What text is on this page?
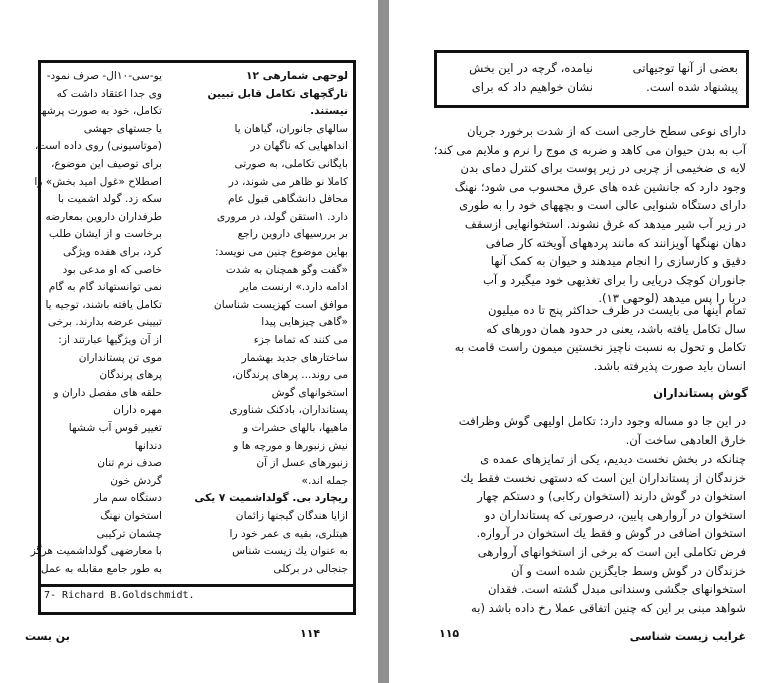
یو-سی-۱۰ال- صرف نمود-
وی جدا اعتقاد داشت که
تکامل، خود به صورت پرشها
یا جستهای جهشی
(موتاسیونی) روی داده است،
برای توصیف این موضوع،
اصطلاح «غول امید بخش» را
سکه زد. گولد اشمیت با
طرفداران داروین بمعارضه
برخاست و از ایشان طلب
کرد، برای هفده ویژگی
خاصی که او مدعی بود
نمی توانستهاند گام به گام
تکامل یافته باشند، توجیه یا
تبیینی عرضه بدارند. برخی
از آن ویژگیها عبارتند از:
موی تن پستانداران
پرهای پرندگان
حلقه های مفصل داران و
مهره داران
تغییر قوس آب ششها
دندانها
صدف نرم تنان
گردش خون
دستگاه سم مار
استخوان نهنگ
چشمان ترکیبی
با معارضهی گولداشمیت هرگز
به طور جامع مقابله به عمل
لوحهی شمارهی ۱۲
تارگچهای تکامل قابل تبیین
نیستند.
سالهای جانوران، گیاهان یا
انداههایی که ناگهان در
بایگانی تکاملی، به صورتی
کاملا نو ظاهر می شوند، در
محافل دانشگاهی قبول عام
دارد. ۱استقن گولد، در مروری
بر بررسیهای داروین راجع
بهاین موضوع چنین می نویسد:
«گفت وگو همچنان به شدت
ادامه دارد.» ارنست مایر
موافق است کهزیست شناسان
«گاهی چیزهایی پیدا
می کنند که تماما جزء
ساختارهای جدید بهشمار
می روند... پرهای پرندگان،
استخوانهای گوش
پستانداران، بادکنک شناوری
ماهیها، بالهای حشرات و
نیش زنبورها و مورچه ها و
زنبورهای عسل از آن
جمله اند.»
ریچارد بی. گولداشمیت ۷ یکی
ازایا هندگان گیجنها زائمان
هیتلری، بقیه ی عمر خود را
به عنوان یك زیست شناس
جنجالی در برکلی
7- Richard B.Goldschmidt.
۱۱۴
بن بست
بعضی از آنها توجیهاتی
نیامده، گرچه در این بخش
پیشنهاد شده است.
نشان خواهیم داد که برای
دارای نوعی سطح خارجی است که از شدت برخورد جریان
آب به بدن حیوان می کاهد و ضربه ی موج را نرم و ملایم می کند؛
لایه ی ضخیمی از چربی در زیر پوست برای کنترل دمای بدن
وجود دارد که جانشین غده های عرق محسوب می شود؛ نهنگ
دارای دستگاه شنوایی عالی است و بچههای خود را به طوری
در زیر آب شیر میدهد که غرق نشوند. استخوانهایی ازسقف
دهان نهنگها آویزانند که مانند پردههای آویخته کار صافی
دقیق و کارسازی را انجام میدهند و حیوان به کمک آنها
جانوران کوچک دریایی را برای تغذیهی خود میگیرد و آب
دریا را پس میدهد (لوحهی ۱۳).
تمام اینها می بایست در ظرف حداکثر پنج تا ده میلیون
سال تکامل یافته باشد، یعنی در حدود همان دورهای که
تکامل و تحول به نسبت ناچیز نخستین میمون راست قامت به
انسان باید صورت پذیرفته باشد.
گوش پستانداران
در این جا دو مساله وجود دارد: تکامل اولیهی گوش وظرافت
خارق العادهی ساخت آن.
چنانکه در بخش نخست دیدیم، یکی از تمایزهای عمده ی
خزندگان از پستانداران این است که دستهی نخست فقط یك
استخوان در گوش دارند (استخوان رکابی) و دستکم چهار
استخوان در آروارهی پایین، درصورتی که پستانداران دو
استخوان اضافی در گوش و فقط یك استخوان در آرواره.
فرض تکاملی این است که برخی از استخوانهای آروارهی
خزندگان در گوش وسط جایگزین شده است و آن
استخوانهای جگشی وسندانی مبدل گشته است. فقدان
شواهد مبنی بر این که چنین اتفاقی عملا رخ داده باشد (به
۱۱۵	غرایب زیست شناسی
